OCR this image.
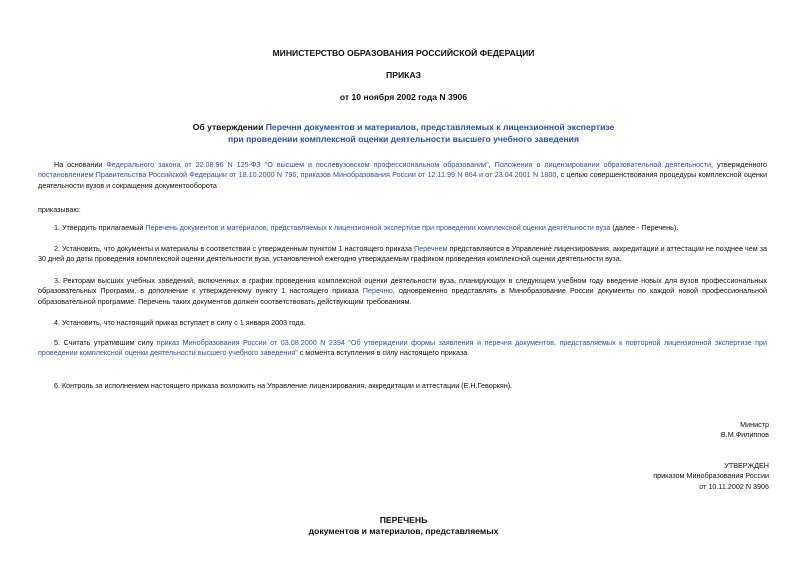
МИНИСТЕРСТВО ОБРАЗОВАНИЯ РОССИЙСКОЙ ФЕДЕРАЦИИ
ПРИКАЗ
от 10 ноября 2002 года N 3906
Об утверждении Перечня документов и материалов, представляемых к лицензионной экспертизе
при проведении комплексной оценки деятельности высшего учебного заведения
На основании Федерального закона от 22.08.96 N 125-ФЗ "О высшем и послевузовском профессиональном образовании", Положения о лицензировании образовательной деятельности, утвержденного постановлением Правительства Российской Федерации от 18.10.2000 N 796, приказов Минобразования России от 12.11.99 N 864 и от 23.04.2001 N 1800, с целью совершенствования процедуры комплексной оценки деятельности вузов и сокращения документооборота
приказываю:
1. Утвердить прилагаемый Перечень документов и материалов, представляемых к лицензионной экспертизе при проведении комплексной оценки деятельности вуза (далее - Перечень).
2. Установить, что документы и материалы в соответствии с утвержденным пунктом 1 настоящего приказа Перечнем представляются в Управление лицензирования, аккредитации и аттестации не позднее чем за 30 дней до даты проведения комплексной оценки деятельности вуза, установленной ежегодно утверждаемым графиком проведения комплексной оценки деятельности вуза.
3. Ректорам высших учебных заведений, включенных в график проведения комплексной оценки деятельности вуза, планирующих в следующем учебном году введение новых для вузов профессиональных образовательных Программ, в дополнение к утвержденному пункту 1 настоящего приказа Перечню, одновременно представлять в Минобразование России документы по каждой новой профессиональной образовательной программе. Перечень таких документов должен соответствовать действующим требованиям.
4. Установить, что настоящий приказ вступает в силу с 1 января 2003 года.
5. Считать утратившим силу приказ Минобразования России от 03.08.2000 N 2394 "Об утверждении формы заявления и перечня документов, представляемых к повторной лицензионной экспертизе при проведении комплексной оценки деятельности высшего учебного заведения" с момента вступления в силу настоящего приказа.
6. Контроль за исполнением настоящего приказа возложить на Управление лицензирования, аккредитации и аттестации (Е.Н.Геворкян).
Министр
В.М.Филиппов
УТВЕРЖДЕН
приказом Минобразования России
от 10.11.2002 N 3906
ПЕРЕЧЕНЬ
документов и материалов, представляемых
